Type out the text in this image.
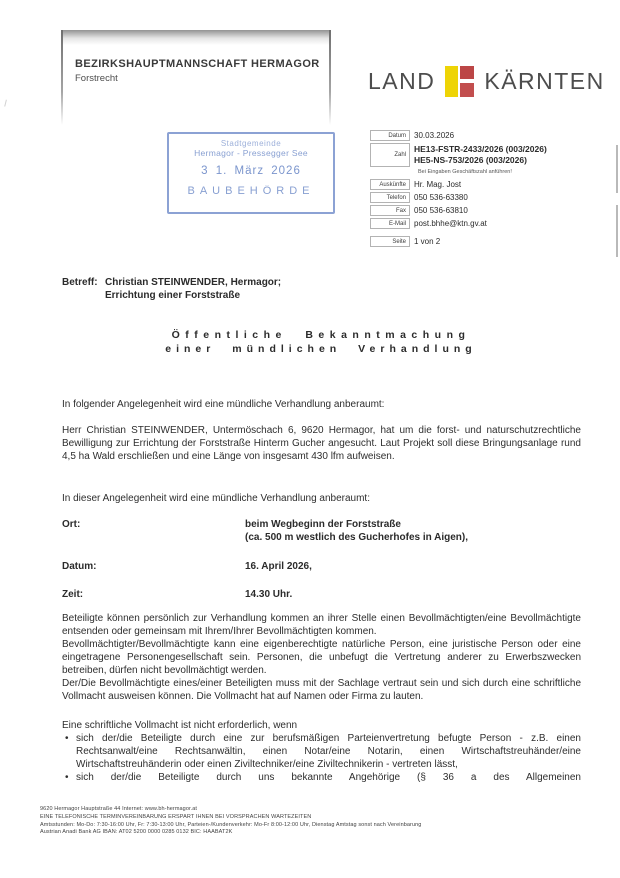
BEZIRKSHAUPTMANNSCHAFT HERMAGOR
Forstrecht	LAND KÄRNTEN
Stadtgemeinde
Hermagor - Pressegger See
3 1. März 2026
BAUBEHÖRDE
Datum	30.03.2026
Zahl
HE13-FSTR-2433/2026 (003/2026)
HE5-NS-753/2026 (003/2026)
Bei Eingaben Geschäftszahl anführen!
Auskünfte	Hr. Mag. Jost
Telefon	050 536-63380
Fax	050 536-63810
E-Mail	post.bhhe@ktn.gv.at
Seite	1 von 2
Betreff: Christian STEINWENDER, Hermagor;
Errichtung einer Forststraße
Öffentliche Bekanntmachung
einer mündlichen Verhandlung

In folgender Angelegenheit wird eine mündliche Verhandlung anberaumt:

Herr Christian STEINWENDER, Untermöschach 6, 9620 Hermagor, hat um die forst- und naturschutzrechtliche Bewilligung zur Errichtung der Forststraße Hinterm Gucher angesucht. Laut Projekt soll diese Bringungsanlage rund 4,5 ha Wald erschließen und eine Länge von insgesamt 430 lfm aufweisen.

In dieser Angelegenheit wird eine mündliche Verhandlung anberaumt:

Ort:	beim Wegbeginn der Forststraße
(ca. 500 m westlich des Gucherhofes in Aigen),
Datum:	16. April 2026,
Zeit:	14.30 Uhr.
Beteiligte können persönlich zur Verhandlung kommen an ihrer Stelle einen Bevollmächtigten/eine Bevollmächtigte entsenden oder gemeinsam mit Ihrem/Ihrer Bevollmächtigten kommen.
Bevollmächtigter/Bevollmächtigte kann eine eigenberechtigte natürliche Person, eine juristische Person oder eine eingetragene Personengesellschaft sein. Personen, die unbefugt die Vertretung anderer zu Erwerbszwecken betreiben, dürfen nicht bevollmächtigt werden.
Der/Die Bevollmächtigte eines/einer Beteiligten muss mit der Sachlage vertraut sein und sich durch eine schriftliche Vollmacht ausweisen können. Die Vollmacht hat auf Namen oder Firma zu lauten.
Eine schriftliche Vollmacht ist nicht erforderlich, wenn
• sich der/die Beteiligte durch eine zur berufsmäßigen Parteienvertretung befugte Person - z.B. einen Rechtsanwalt/eine Rechtsanwältin, einen Notar/eine Notarin, einen Wirtschaftstreuhänder/eine Wirtschaftstreuhänderin oder einen Ziviltechniker/eine Ziviltechnikerin - vertreten lässt,
• sich der/die Beteiligte durch uns bekannte Angehörige (§ 36 a des Allgemeinen
9620 Hermagor Hauptstraße 44 Internet: www.bh-hermagor.at
EINE TELEFONISCHE TERMINVEREINBARUNG ERSPART IHNEN BEI VORSPRACHEN WARTEZEITEN
Amtsstunden: Mo-Do: 7:30-16:00 Uhr, Fr: 7:30-13:00 Uhr, Parteien-/Kundenverkehr: Mo-Fr 8:00-12:00 Uhr, Dienstag Amtstag sonst nach Vereinbarung
Austrian Anadi Bank AG IBAN: AT02 5200 0000 0285 0132 BIC: HAABAT2K
